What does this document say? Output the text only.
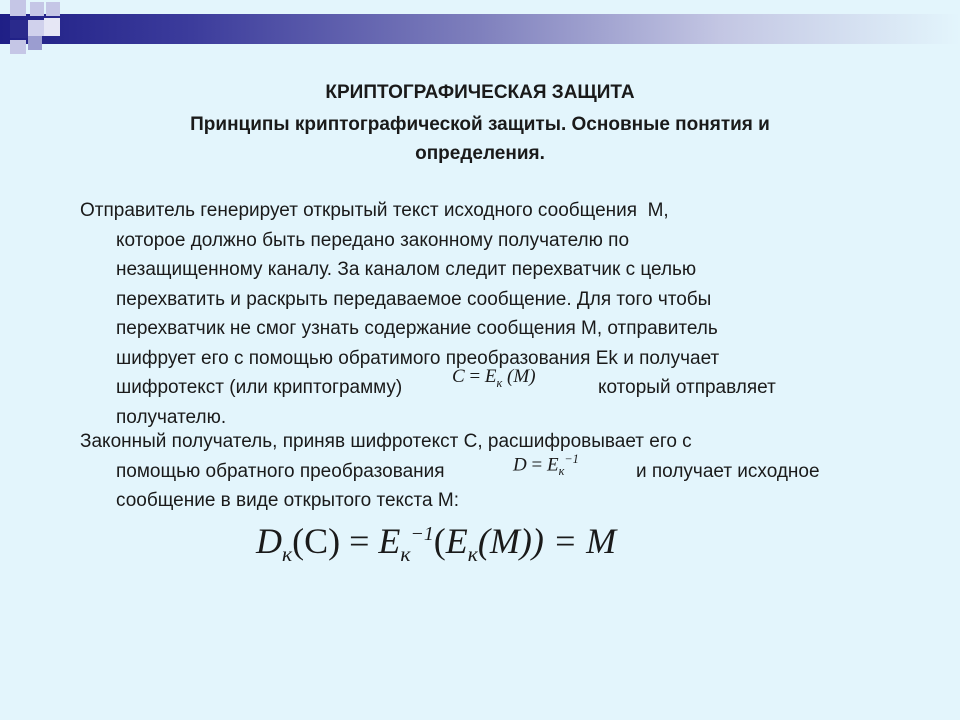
КРИПТОГРАФИЧЕСКАЯ ЗАЩИТА
Принципы криптографической защиты. Основные понятия и
определения.
Отправитель генерирует открытый текст исходного сообщения  M,
которое должно быть передано законному получателю по
незащищенному каналу. За каналом следит перехватчик с целью
перехватить и раскрыть передаваемое сообщение. Для того чтобы
перехватчик не смог узнать содержание сообщения M, отправитель
шифрует его с помощью обратимого преобразования Ek и получает
шифротекст (или криптограмму)	который отправляет
получателю.
$C = E_к$ (M)
Законный получатель, приняв шифротекст С, расшифровывает его с
помощью обратного преобразования	и получает исходное
сообщение в виде открытого текста M:
$D = E_к^{-1}$
$D_к(C) = E_к^{-1}(E_к(M)) = M$
